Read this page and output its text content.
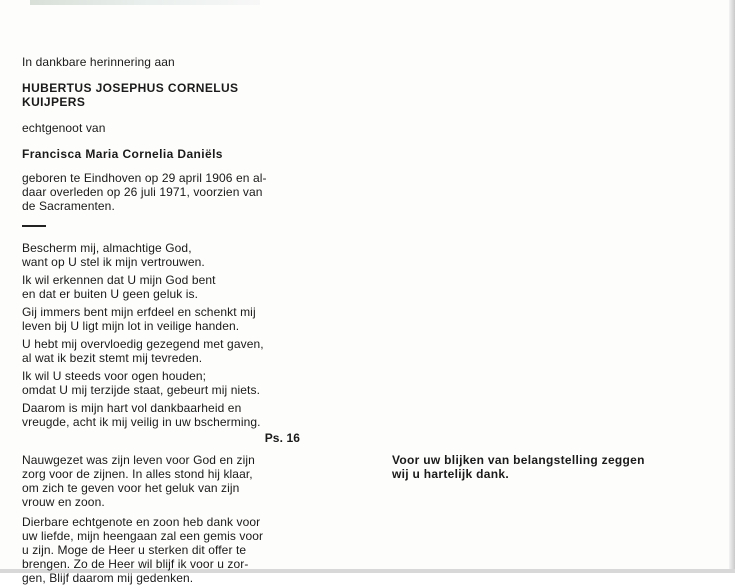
In dankbare herinnering aan

HUBERTUS JOSEPHUS CORNELUS KUIJPERS

echtgenoot van

Francisca Maria Cornelia Daniëls

geboren te Eindhoven op 29 april 1906 en al-

daar overleden op 26 juli 1971, voorzien van

de Sacramenten.

Bescherm mij, almachtige God,

want op U stel ik mijn vertrouwen.

Ik wil erkennen dat U mijn God bent

en dat er buiten U geen geluk is.

Gij immers bent mijn erfdeel en schenkt mij

leven bij U ligt mijn lot in veilige handen.

U hebt mij overvloedig gezegend met gaven,

al wat ik bezit stemt mij tevreden.

Ik wil U steeds voor ogen houden;

omdat U mij terzijde staat, gebeurt mij niets.

Daarom is mijn hart vol dankbaarheid en

vreugde, acht ik mij veilig in uw bscherming.

Ps. 16

Nauwgezet was zijn leven voor God en zijn

zorg voor de zijnen. In alles stond hij klaar,

om zich te geven voor het geluk van zijn

vrouw en zoon.

Dierbare echtgenote en zoon heb dank voor

uw liefde, mijn heengaan zal een gemis voor

u zijn. Moge de Heer u sterken dit offer te

brengen. Zo de Heer wil blijf ik voor u zor-

gen, Blijf daarom mij gedenken.

Voor uw blijken van belangstelling zeggen

wij u hartelijk dank.
